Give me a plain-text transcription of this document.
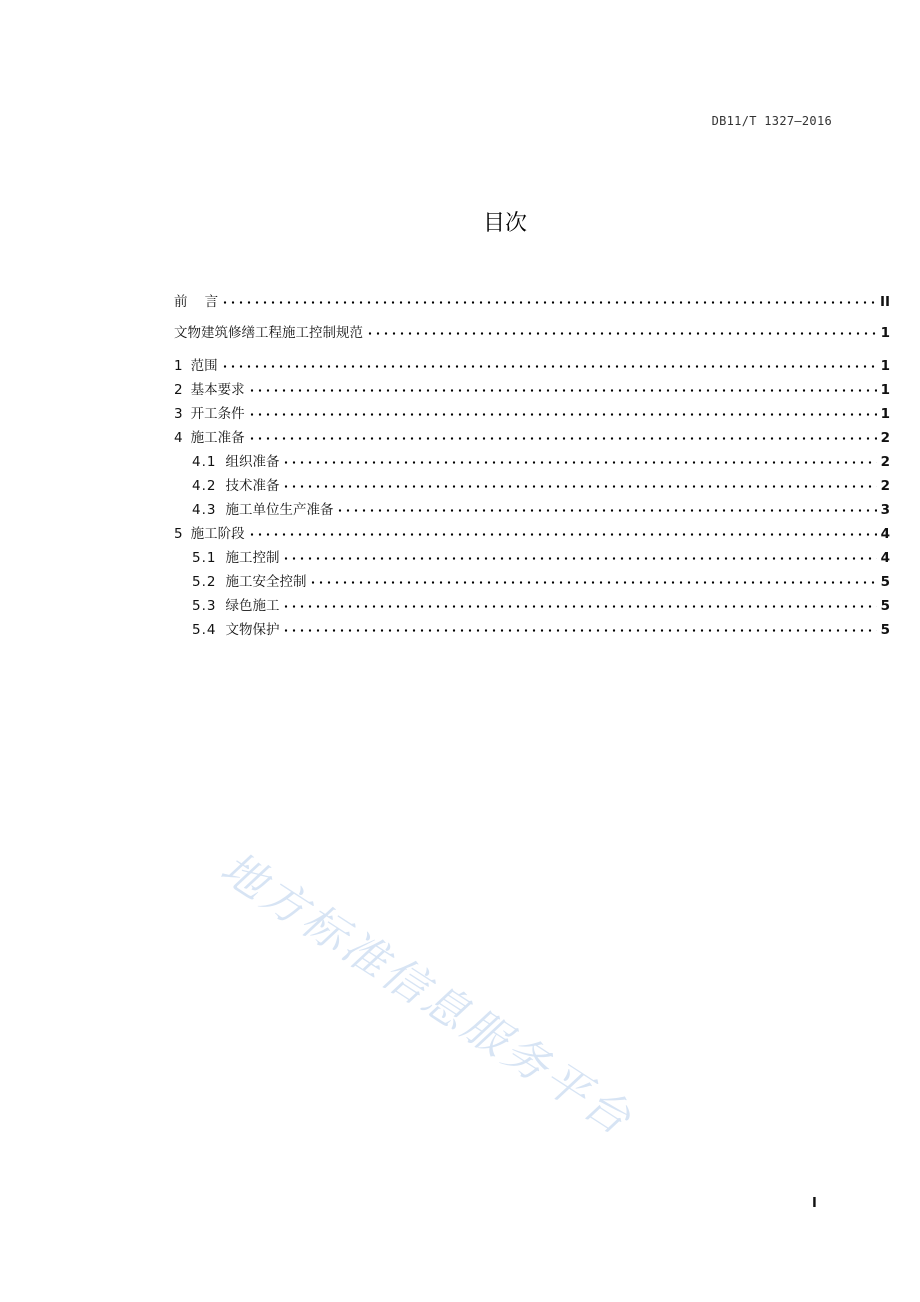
DB11/T 1327—2016
目次
前    言	II
文物建筑修缮工程施工控制规范	1
1 范围	1
2 基本要求	1
3 开工条件	1
4 施工准备	2
4.1 组织准备	2
4.2 技术准备	2
4.3 施工单位生产准备	3
5 施工阶段	4
5.1 施工控制	4
5.2 施工安全控制	5
5.3 绿色施工	5
5.4 文物保护	5
地方标准信息服务平台
I
